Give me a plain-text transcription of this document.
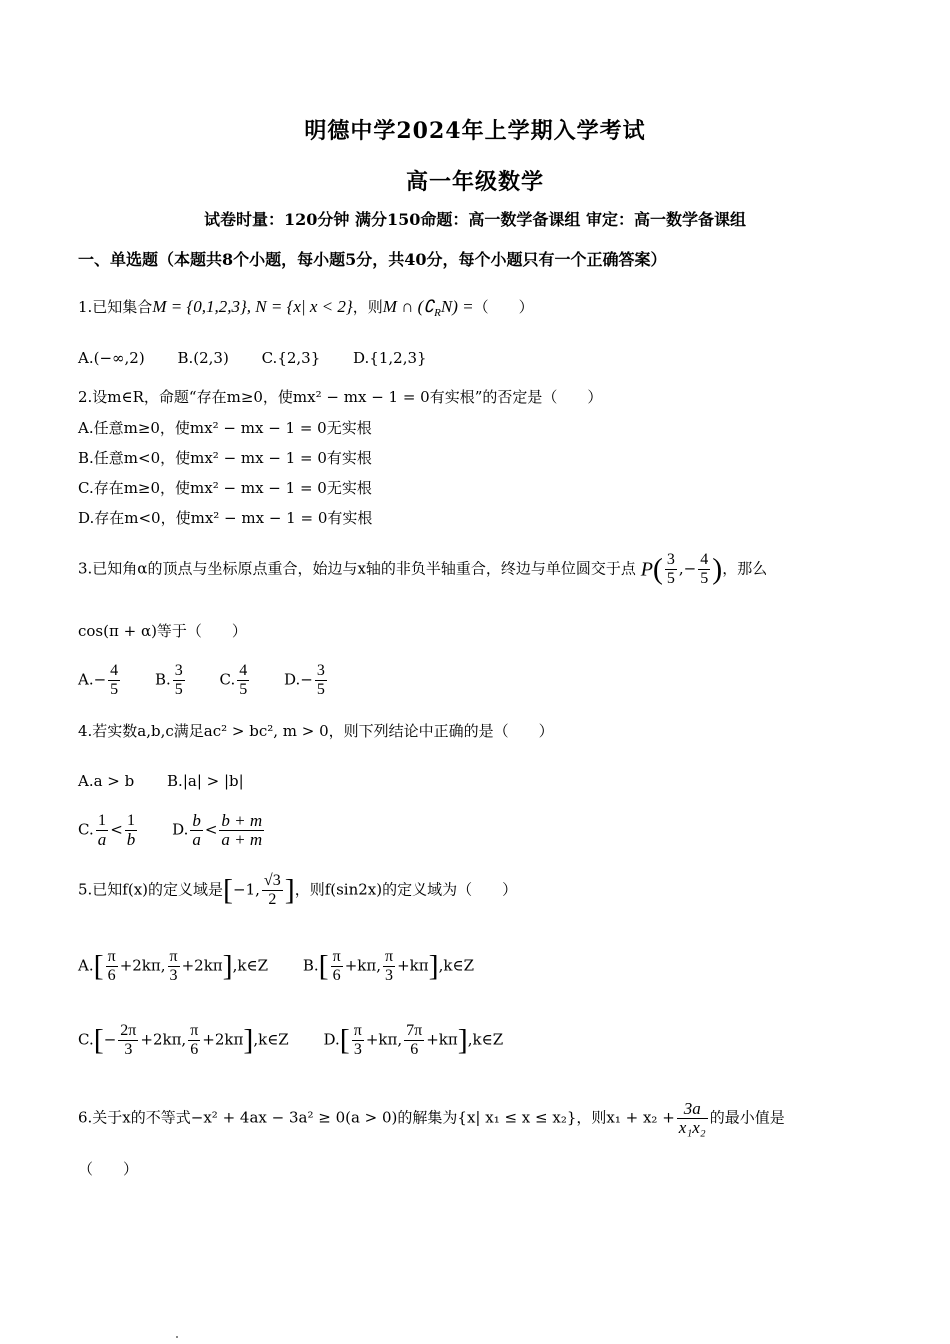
明德中学2024年上学期入学考试
高一年级数学
试卷时量：120分钟 满分150命题：高一数学备课组 审定：高一数学备课组
一、单选题（本题共8个小题，每小题5分，共40分，每个小题只有一个正确答案）
1.已知集合M = {0,1,2,3}, N = {x| x < 2}，则M ∩ $(∁_RN)$ =（　　）
A.(−∞,2) B.(2,3) C.{2,3} D.{1,2,3}
2.设m∈R，命题“存在m≥0，使mx² − mx − 1 = 0有实根”的否定是（　　）
A.任意m≥0，使mx² − mx − 1 = 0无实根
B.任意m<0，使mx² − mx − 1 = 0有实根
C.存在m≥0，使mx² − mx − 1 = 0无实根
D.存在m<0，使mx² − mx − 1 = 0有实根
3.已知角α的顶点与坐标原点重合，始边与x轴的非负半轴重合，终边与单位圆交于点 $P( \frac{3}{5}$ ,− $\frac{4}{5}$ )，那么
cos(π + α)等于（　　）
$A.- \frac{4}{5} B$. $\frac{3}{5} C$. $\frac{4}{5} D.- \frac{3}{5}$
4.若实数a,b,c满足ac² > bc², m > 0，则下列结论中正确的是（　　）
A.a > b B.|a| > |b|
C. $\frac{1}{a} < \frac{1}{b} D$. $\frac{b}{a} < \frac{b + m}{a + m}$
5.已知f(x)的定义域是[−1, $\frac{√3}{2}$ ]，则f(sin2x)的定义域为（　　）
$A.[ \frac{\pi}{6} +2k\pi$, $\frac{\pi}{3}$ +2kπ],k∈Z $B.[ \frac{\pi}{6} +k\pi$, $\frac{\pi}{3}$ +kπ],k∈Z
$C.[- \frac{2\pi}{3} +2k\pi$, $\frac{\pi}{6}$ +2kπ],k∈Z $D.[ \frac{\pi}{3} +k\pi$, $\frac{7\pi}{6}$ +kπ],k∈Z
6.关于x的不等式−x² + 4ax − 3a² ≥ 0(a > 0)的解集为{x| x₁ ≤ x ≤ x₂}，则$x_1 + x_2 + \frac{3a}{\text{x₁x₂}}$ 的最小值是
（　　）
